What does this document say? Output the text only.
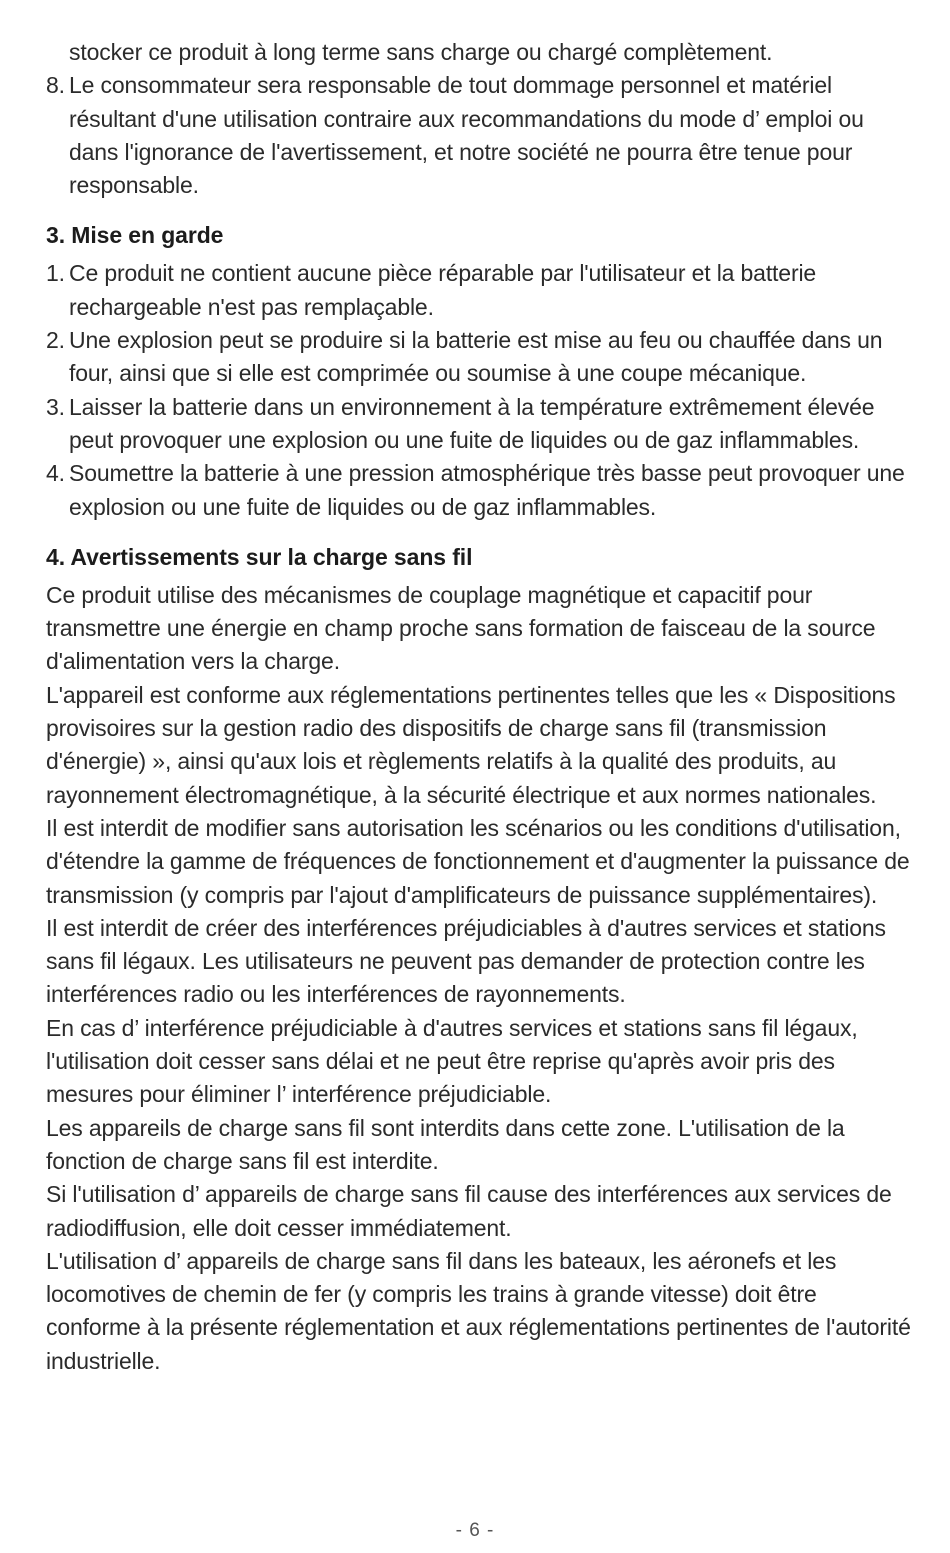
stocker ce produit à long terme sans charge ou chargé complètement.

8. Le consommateur sera responsable de tout dommage personnel et matériel résultant d'une utilisation contraire aux recommandations du mode d’ emploi ou dans l'ignorance de l'avertissement, et notre société ne pourra être tenue pour responsable.
3. Mise en garde
1. Ce produit ne contient aucune pièce réparable par l'utilisateur et la batterie rechargeable n'est pas remplaçable.
2. Une explosion peut se produire si la batterie est mise au feu ou chauffée dans un four, ainsi que si elle est comprimée ou soumise à une coupe mécanique.
3. Laisser la batterie dans un environnement à la température extrêmement élevée peut provoquer une explosion ou une fuite de liquides ou de gaz inflammables.
4. Soumettre la batterie à une pression atmosphérique très basse peut provoquer une explosion ou une fuite de liquides ou de gaz inflammables.
4. Avertissements sur la charge sans fil

Ce produit utilise des mécanismes de couplage magnétique et capacitif pour transmettre une énergie en champ proche sans formation de faisceau de la source d'alimentation vers la charge.

L'appareil est conforme aux réglementations pertinentes telles que les « Dispositions provisoires sur la gestion radio des dispositifs de charge sans fil (transmission d'énergie) », ainsi qu'aux lois et règlements relatifs à la qualité des produits, au rayonnement électromagnétique, à la sécurité électrique et aux normes nationales.

Il est interdit de modifier sans autorisation les scénarios ou les conditions d'utilisation, d'étendre la gamme de fréquences de fonctionnement et d'augmenter la puissance de transmission (y compris par l'ajout d'amplificateurs de puissance supplémentaires).

Il est interdit de créer des interférences préjudiciables à d'autres services et stations sans fil légaux. Les utilisateurs ne peuvent pas demander de protection contre les interférences radio ou les interférences de rayonnements.

En cas d’ interférence préjudiciable à d'autres services et stations sans fil légaux, l'utilisation doit cesser sans délai et ne peut être reprise qu'après avoir pris des mesures pour éliminer l’ interférence préjudiciable.

Les appareils de charge sans fil sont interdits dans cette zone. L'utilisation de la fonction de charge sans fil est interdite.

Si l'utilisation d’ appareils de charge sans fil cause des interférences aux services de radiodiffusion, elle doit cesser immédiatement.

L'utilisation d’ appareils de charge sans fil dans les bateaux, les aéronefs et les locomotives de chemin de fer (y compris les trains à grande vitesse) doit être conforme à la présente réglementation et aux réglementations pertinentes de l'autorité industrielle.

- 6 -
